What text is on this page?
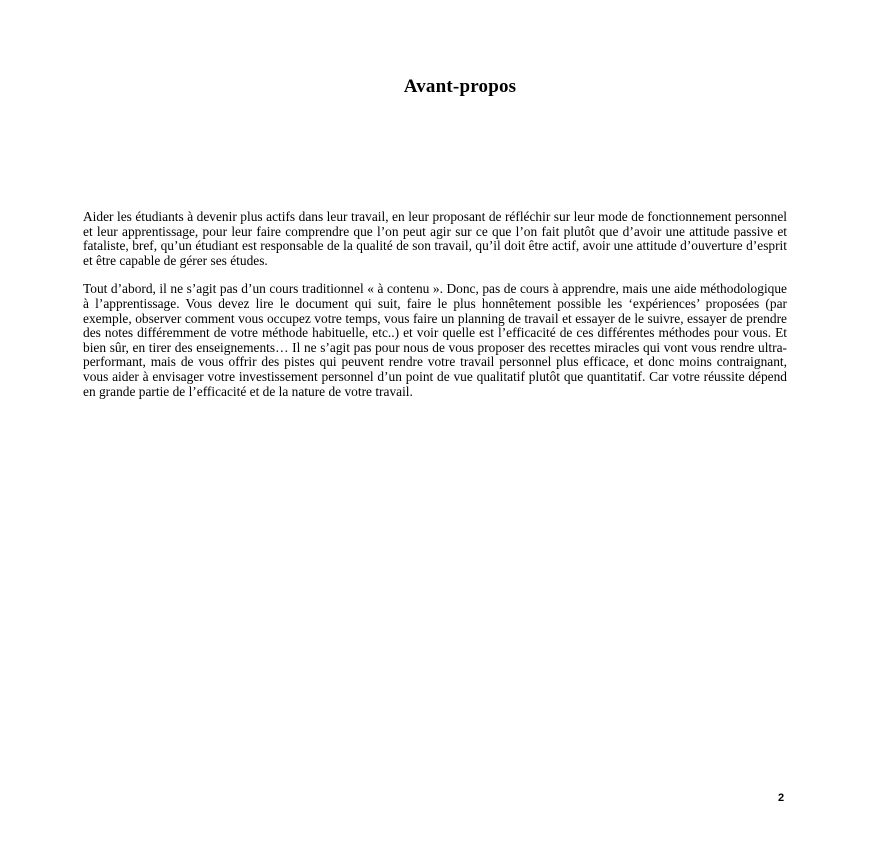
Avant-propos

Aider les étudiants à devenir plus actifs dans leur travail, en leur proposant de réfléchir sur leur mode de fonctionnement personnel et leur apprentissage, pour leur faire comprendre que l’on peut agir sur ce que l’on fait plutôt que d’avoir une attitude passive et fataliste, bref, qu’un étudiant est responsable de la qualité de son travail, qu’il doit être actif, avoir une attitude d’ouverture d’esprit et être capable de gérer ses études.

Tout d’abord, il ne s’agit pas d’un cours traditionnel « à contenu ». Donc, pas de cours à apprendre, mais une aide méthodologique à l’apprentissage. Vous devez lire le document qui suit, faire le plus honnêtement possible les ‘expériences’ proposées (par exemple, observer comment vous occupez votre temps, vous faire un planning de travail et essayer de le suivre, essayer de prendre des notes différemment de votre méthode habituelle, etc..) et voir quelle est l’efficacité de ces différentes méthodes pour vous. Et bien sûr, en tirer des enseignements… Il ne s’agit pas pour nous de vous proposer des recettes miracles qui vont vous rendre ultra-performant, mais de vous offrir des pistes qui peuvent rendre votre travail personnel plus efficace, et donc moins contraignant, vous aider à envisager votre investissement personnel d’un point de vue qualitatif plutôt que quantitatif. Car votre réussite dépend en grande partie de l’efficacité et de la nature de votre travail.

2
